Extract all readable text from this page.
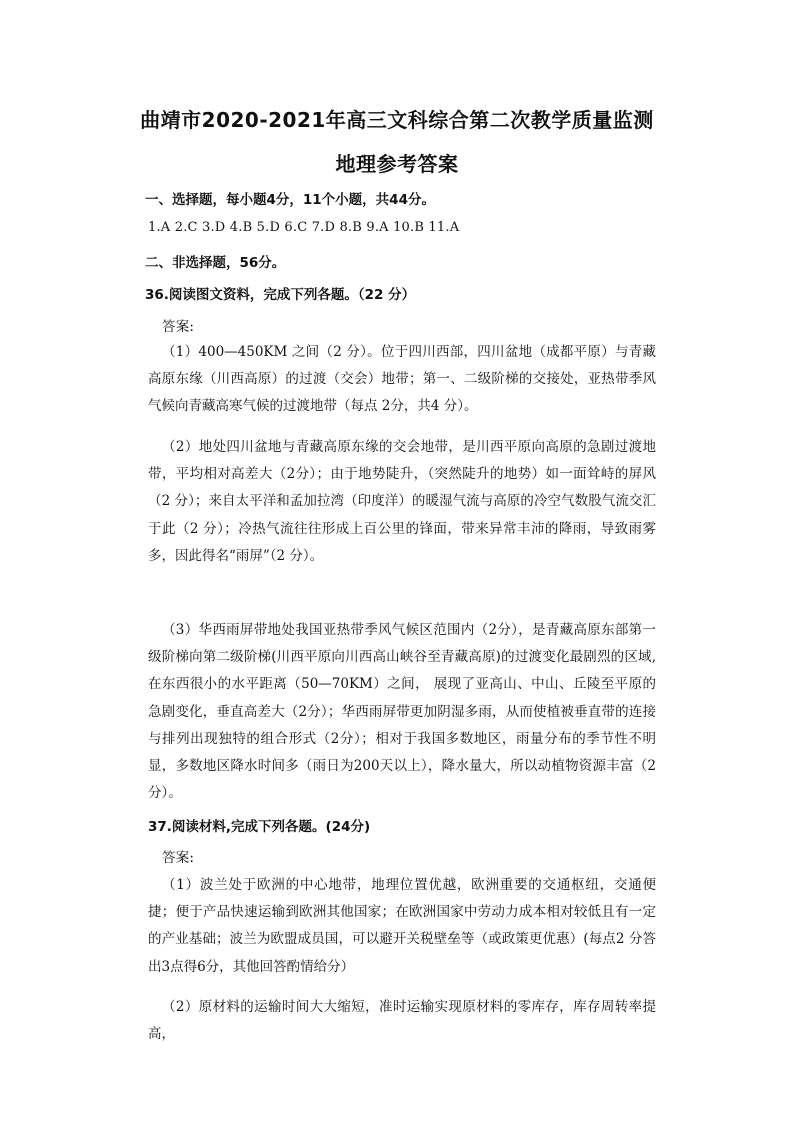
曲靖市2020-2021年高三文科综合第二次教学质量监测
地理参考答案
一、选择题，每小题4分，11个小题，共44分。
1.A 2.C 3.D 4.B 5.D 6.C 7.D 8.B 9.A 10.B 11.A
二、非选择题，56分。
36.阅读图文资料，完成下列各题。（22 分）
答案:
（1）400—450KM 之间（2 分）。位于四川西部，四川盆地（成都平原）与青藏高原东缘（川西高原）的过渡（交会）地带；第一、二级阶梯的交接处，亚热带季风气候向青藏高寒气候的过渡地带（每点 2分，共4 分）。
（2）地处四川盆地与青藏高原东缘的交会地带，是川西平原向高原的急剧过渡地带，平均相对高差大（2分）；由于地势陡升，（突然陡升的地势）如一面耸峙的屏风（2 分）；来自太平洋和孟加拉湾（印度洋）的暖湿气流与高原的冷空气数股气流交汇于此（2 分）；冷热气流往往形成上百公里的锋面，带来异常丰沛的降雨，导致雨雾多，因此得名“雨屏”（2 分）。
（3）华西雨屏带地处我国亚热带季风气候区范围内（2分），是青藏高原东部第一级阶梯向第二级阶梯(川西平原向川西高山峡谷至青藏高原)的过渡变化最剧烈的区域,在东西很小的水平距离（50—70KM）之间， 展现了亚高山、中山、丘陵至平原的急剧变化，垂直高差大（2分）；华西雨屏带更加阴湿多雨，从而使植被垂直带的连接与排列出现独特的组合形式（2分）；相对于我国多数地区，雨量分布的季节性不明显，多数地区降水时间多（雨日为200天以上），降水量大，所以动植物资源丰富（2分）。
37.阅读材料,完成下列各题。(24分)
答案:
（1）波兰处于欧洲的中心地带，地理位置优越，欧洲重要的交通枢纽，交通便捷；便于产品快速运输到欧洲其他国家；在欧洲国家中劳动力成本相对较低且有一定的产业基础；波兰为欧盟成员国，可以避开关税壁垒等（或政策更优惠）(每点2 分答出3点得6分，其他回答酌情给分）
（2）原材料的运输时间大大缩短，准时运输实现原材料的零库存，库存周转率提高，
